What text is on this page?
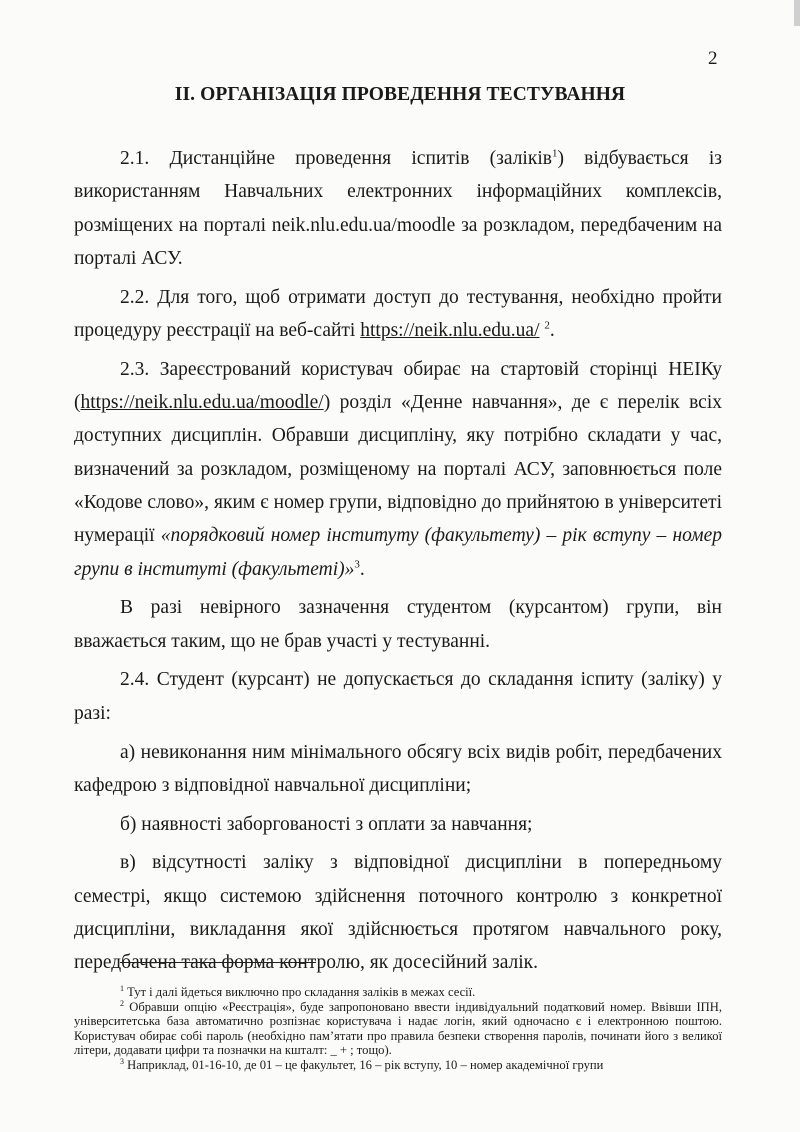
2
ІІ. ОРГАНІЗАЦІЯ ПРОВЕДЕННЯ ТЕСТУВАННЯ

2.1. Дистанційне проведення іспитів (заліків$^1$) відбувається із використанням Навчальних електронних інформаційних комплексів, розміщених на порталі neik.nlu.edu.ua/moodle за розкладом, передбаченим на порталі АСУ.

2.2. Для того, щоб отримати доступ до тестування, необхідно пройти процедуру реєстрації на веб-сайті https://neik.nlu.edu.ua/ $^2$.

2.3. Зареєстрований користувач обирає на стартовій сторінці НЕІКу (https://neik.nlu.edu.ua/moodle/) розділ «Денне навчання», де є перелік всіх доступних дисциплін. Обравши дисципліну, яку потрібно складати у час, визначений за розкладом, розміщеному на порталі АСУ, заповнюється поле «Кодове слово», яким є номер групи, відповідно до прийнятою в університеті нумерації «порядковий номер інституту (факультету) – рік вступу – номер групи в інституті (факультеті)»$^3$.

В разі невірного зазначення студентом (курсантом) групи, він вважається таким, що не брав участі у тестуванні.

2.4. Студент (курсант) не допускається до складання іспиту (заліку) у разі:

а) невиконання ним мінімального обсягу всіх видів робіт, передбачених кафедрою з відповідної навчальної дисципліни;

б) наявності заборгованості з оплати за навчання;

в) відсутності заліку з відповідної дисципліни в попередньому семестрі, якщо системою здійснення поточного контролю з конкретної дисципліни, викладання якої здійснюється протягом навчального року, передбачена така форма контролю, як досесійний залік.

$^1$ Тут і далі йдеться виключно про складання заліків в межах сесії.

$^2$ Обравши опцію «Реєстрація», буде запропоновано ввести індивідуальний податковий номер. Ввівши ІПН, університетська база автоматично розпізнає користувача і надає логін, який одночасно є і електронною поштою. Користувач обирає собі пароль (необхідно пам’ятати про правила безпеки створення паролів, починати його з великої літери, додавати цифри та позначки на кшталт: _ + ; тощо).

$^3$ Наприклад, 01-16-10, де 01 – це факультет, 16 – рік вступу, 10 – номер академічної групи
